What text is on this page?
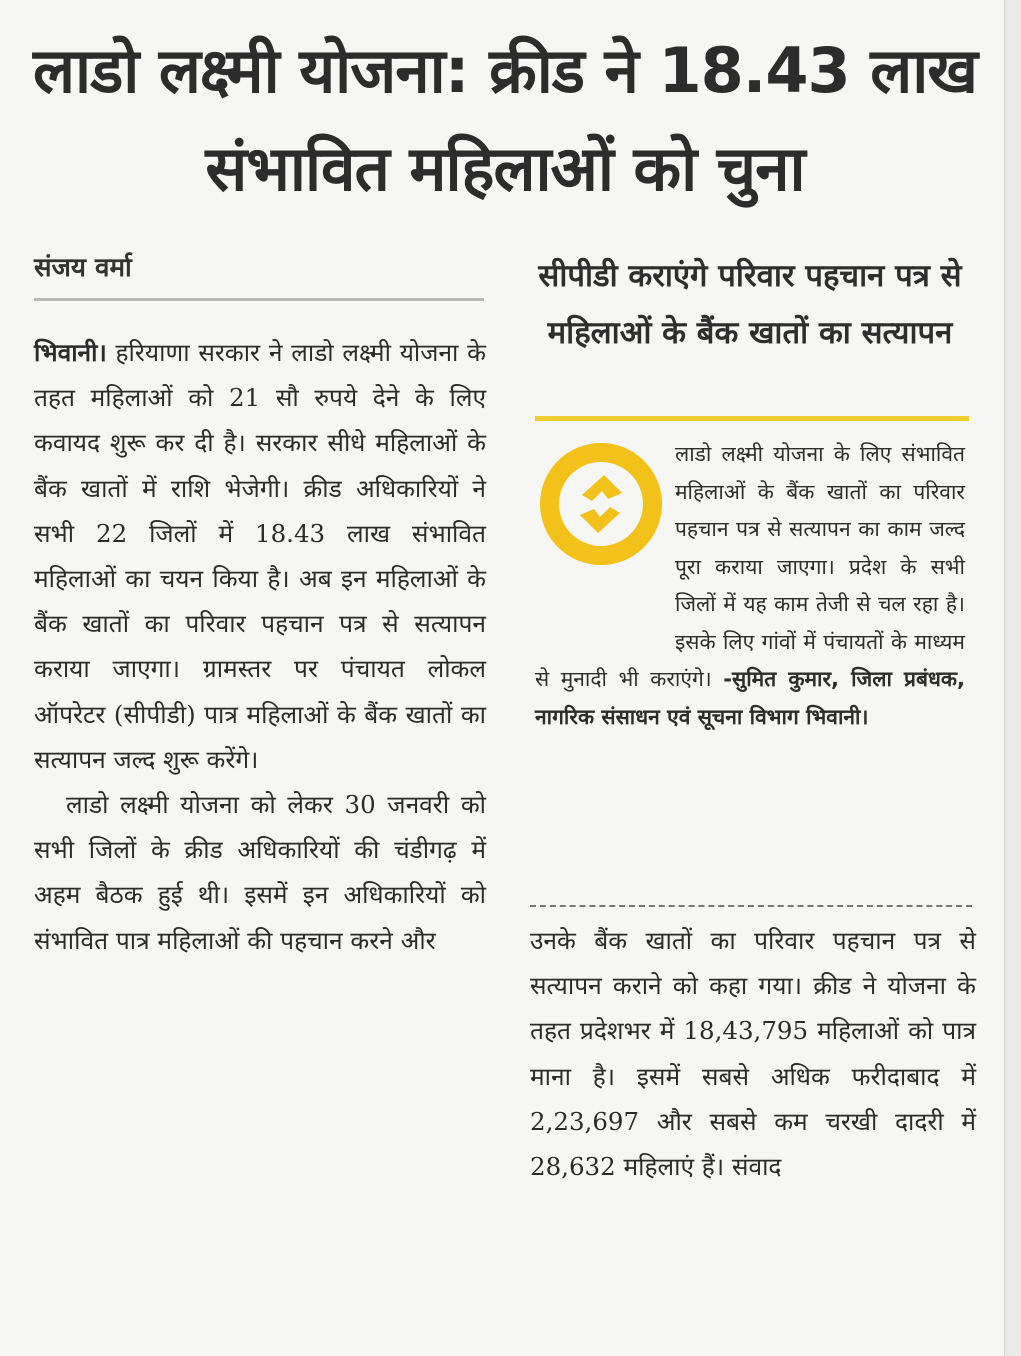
लाडो लक्ष्मी योजना: क्रीड ने 18.43 लाख संभावित महिलाओं को चुना
संजय वर्मा

भिवानी। हरियाणा सरकार ने लाडो लक्ष्मी योजना के तहत महिलाओं को 21 सौ रुपये देने के लिए कवायद शुरू कर दी है। सरकार सीधे महिलाओं के बैंक खातों में राशि भेजेगी। क्रीड अधिकारियों ने सभी 22 जिलों में 18.43 लाख संभावित महिलाओं का चयन किया है। अब इन महिलाओं के बैंक खातों का परिवार पहचान पत्र से सत्यापन कराया जाएगा। ग्रामस्तर पर पंचायत लोकल ऑपरेटर (सीपीडी) पात्र महिलाओं के बैंक खातों का सत्यापन जल्द शुरू करेंगे।

लाडो लक्ष्मी योजना को लेकर 30 जनवरी को सभी जिलों के क्रीड अधिकारियों की चंडीगढ़ में अहम बैठक हुई थी। इसमें इन अधिकारियों को संभावित पात्र महिलाओं की पहचान करने और

सीपीडी कराएंगे परिवार पहचान पत्र से महिलाओं के बैंक खातों का सत्यापन
लाडो लक्ष्मी योजना के लिए संभावित महिलाओं के बैंक खातों का परिवार पहचान पत्र से सत्यापन का काम जल्द पूरा कराया जाएगा। प्रदेश के सभी जिलों में यह काम तेजी से चल रहा है। इसके लिए गांवों में पंचायतों के माध्यम से मुनादी भी कराएंगे। -सुमित कुमार, जिला प्रबंधक, नागरिक संसाधन एवं सूचना विभाग भिवानी।

उनके बैंक खातों का परिवार पहचान पत्र से सत्यापन कराने को कहा गया। क्रीड ने योजना के तहत प्रदेशभर में 18,43,795 महिलाओं को पात्र माना है। इसमें सबसे अधिक फरीदाबाद में 2,23,697 और सबसे कम चरखी दादरी में 28,632 महिलाएं हैं। संवाद
